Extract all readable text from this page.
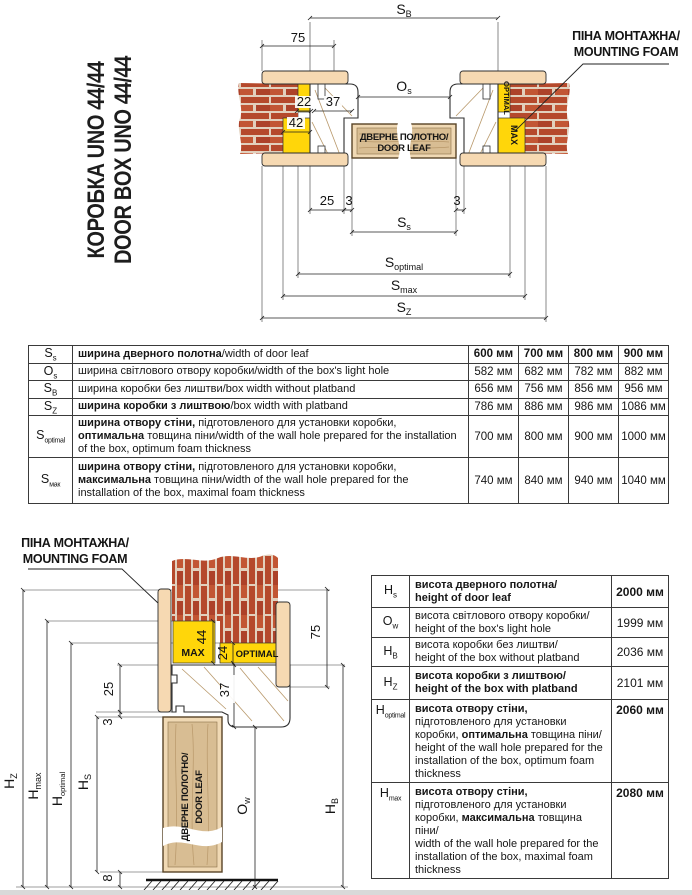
КОРОБКА UNO 44/44 DOOR BOX UNO 44/44	ДВЕРНЕ ПОЛОТНО/
DOOR LEAF
OPTIMAL
MAX
ПІНА МОНТАЖНА/
MOUNTING FOAM
75
22 37
42
25 3	3
$S_B$
$O_s$
$S_s$
$S_{optimal}$
$S_{max}$
$S_Z$
$S_s$	ширина дверного полотна/width of door leaf	600 мм	700 мм	800 мм	900 мм
$O_s$	ширина світлового отвору коробки/width of the box's light hole	582 мм	682 мм	782 мм	882 мм
$S_B$	ширина коробки без лиштви/box width without platband	656 мм	756 мм	856 мм	956 мм
$S_Z$	ширина коробки з лиштвою/box width with platband	786 мм	886 мм	986 мм	1086 мм
$S_{optimal}$	ширина отвору стіни, підготовленого для установки коробки, оптимальна товщина піни/width of the wall hole prepared for the installation of the box, optimum foam thickness	700 мм	800 мм	900 мм	1000 мм
$S_{мак}$	ширина отвору стіни, підготовленого для установки коробки, максимальна товщина піни/width of the wall hole prepared for the installation of the box, maximal foam thickness	740 мм	840 мм	940 мм	1040 мм
ДВЕРНЕ ПОЛОТНО/ DOOR LEAF
MAX	OPTIMAL
ПІНА МОНТАЖНА/
MOUNTING FOAM
75
44
24
37
25
3
8
$H_Z$
$H_{max}$
$H_{optimal}$ $H_S$
$O_w$
$H_B$
$H_s$	висота дверного полотна/
height of door leaf	2000 мм
$O_w$	висота світлового отвору коробки/
height of the box's light hole	1999 мм
$H_B$	висота коробки без лиштви/
height of the box without platband	2036 мм
$H_Z$	висота коробки з лиштвою/
height of the box with platband	2101 мм
$H_{optimal}$	висота отвору стіни, підготовленого для установки коробки, оптимальна товщина піни/
height of the wall hole prepared for the installation of the box, optimum foam thickness	2060 мм
$H_{max}$	висота отвору стіни, підготовленого для установки коробки, максимальна товщина піни/
width of the wall hole prepared for the installation of the box, maximal foam thickness	2080 мм
